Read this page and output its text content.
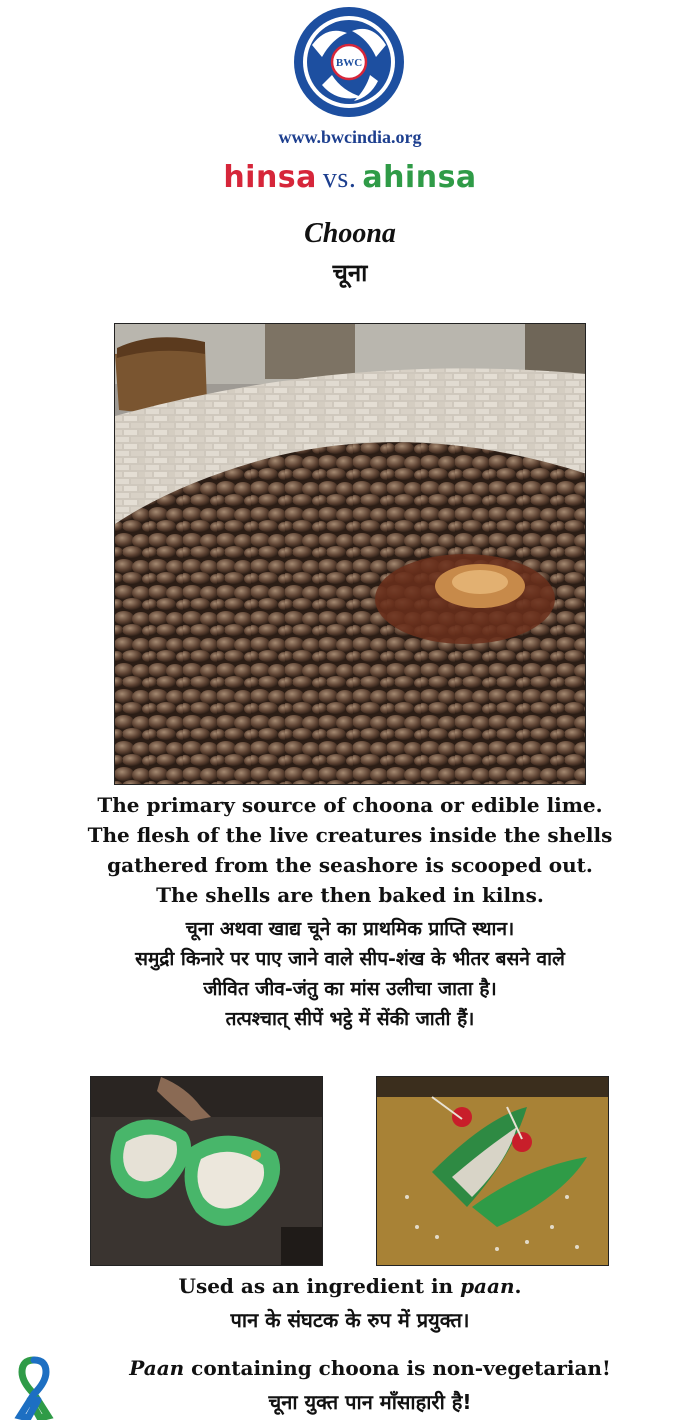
BWC
www.bwcindia.org
hinsa vs. ahinsa
Choona
चूना
The primary source of choona or edible lime.
The flesh of the live creatures inside the shells
gathered from the seashore is scooped out.
The shells are then baked in kilns.
चूना अथवा खाद्य चूने का प्राथमिक प्राप्ति स्थान।
समुद्री किनारे पर पाए जाने वाले सीप-शंख के भीतर बसने वाले
जीवित जीव-जंतु का मांस उलीचा जाता है।
तत्पश्चात् सीपें भट्ठे में सेंकी जाती हैं।
Used as an ingredient in paan.
पान के संघटक के रुप में प्रयुक्त।
Paan containing choona is non-vegetarian!
चूना युक्त पान माँसाहारी है!
